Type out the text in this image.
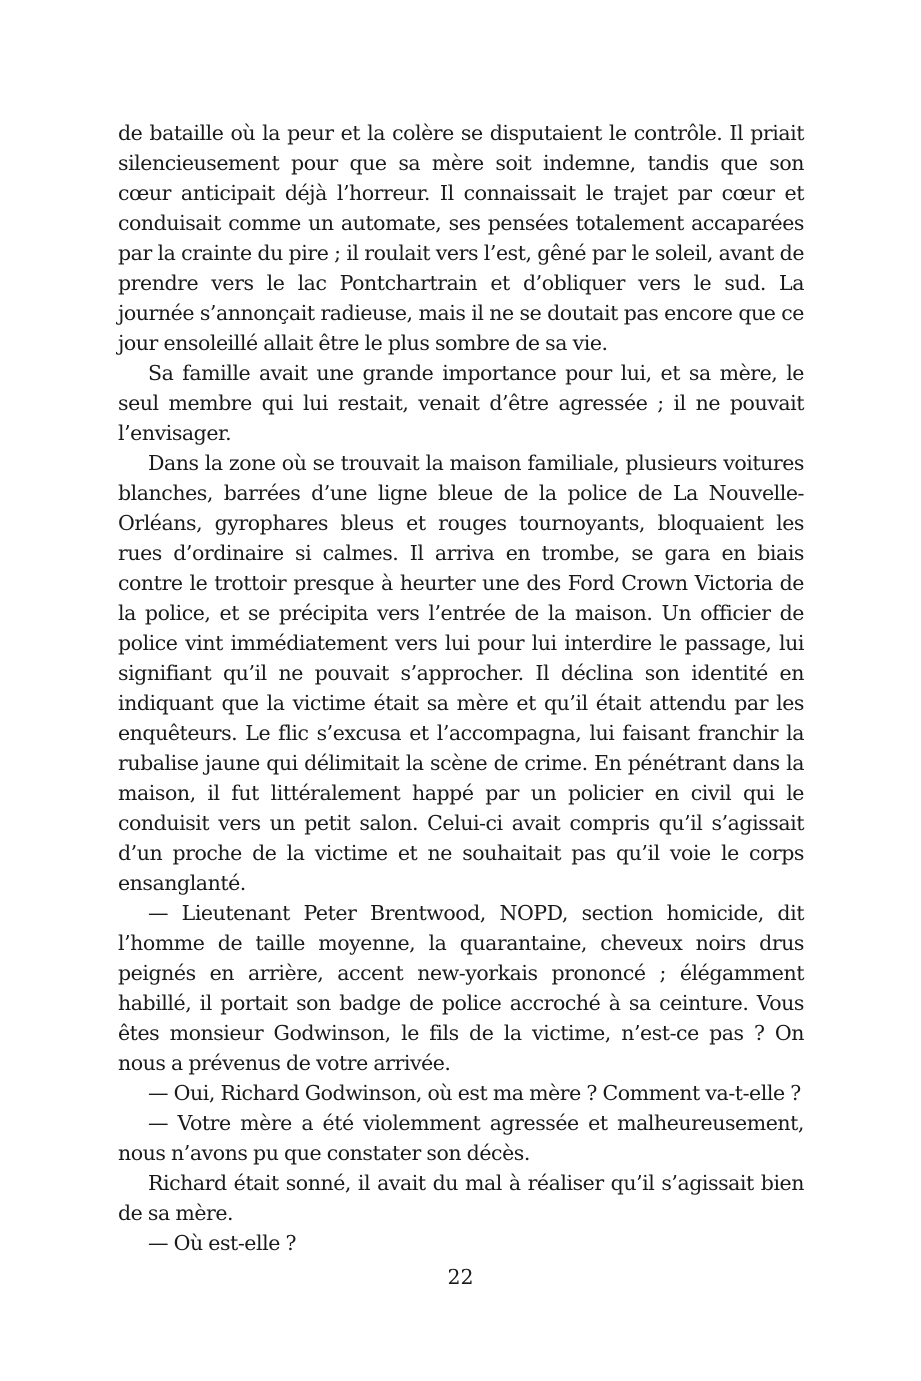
de bataille où la peur et la colère se disputaient le contrôle. Il priait silencieusement pour que sa mère soit indemne, tandis que son cœur anticipait déjà l’horreur. Il connaissait le trajet par cœur et conduisait comme un automate, ses pensées totalement accaparées par la crainte du pire ; il roulait vers l’est, gêné par le soleil, avant de prendre vers le lac Pontchartrain et d’obliquer vers le sud. La journée s’annonçait radieuse, mais il ne se doutait pas encore que ce jour ensoleillé allait être le plus sombre de sa vie.

Sa famille avait une grande importance pour lui, et sa mère, le seul membre qui lui restait, venait d’être agressée ; il ne pouvait l’envisager.

Dans la zone où se trouvait la maison familiale, plusieurs voitures blanches, barrées d’une ligne bleue de la police de La Nouvelle-Orléans, gyrophares bleus et rouges tournoyants, bloquaient les rues d’ordinaire si calmes. Il arriva en trombe, se gara en biais contre le trottoir presque à heurter une des Ford Crown Victoria de la police, et se précipita vers l’entrée de la maison. Un officier de police vint immédiatement vers lui pour lui interdire le passage, lui signifiant qu’il ne pouvait s’approcher. Il déclina son identité en indiquant que la victime était sa mère et qu’il était attendu par les enquêteurs. Le flic s’excusa et l’accompagna, lui faisant franchir la rubalise jaune qui délimitait la scène de crime. En pénétrant dans la maison, il fut littéralement happé par un policier en civil qui le conduisit vers un petit salon. Celui-ci avait compris qu’il s’agissait d’un proche de la victime et ne souhaitait pas qu’il voie le corps ensanglanté.

— Lieutenant Peter Brentwood, NOPD, section homicide, dit l’homme de taille moyenne, la quarantaine, cheveux noirs drus peignés en arrière, accent new-yorkais prononcé ; élégamment habillé, il portait son badge de police accroché à sa ceinture. Vous êtes monsieur Godwinson, le fils de la victime, n’est-ce pas ? On nous a prévenus de votre arrivée.

— Oui, Richard Godwinson, où est ma mère ? Comment va-t-elle ?

— Votre mère a été violemment agressée et malheureusement, nous n’avons pu que constater son décès.

Richard était sonné, il avait du mal à réaliser qu’il s’agissait bien de sa mère.

— Où est-elle ?

22
